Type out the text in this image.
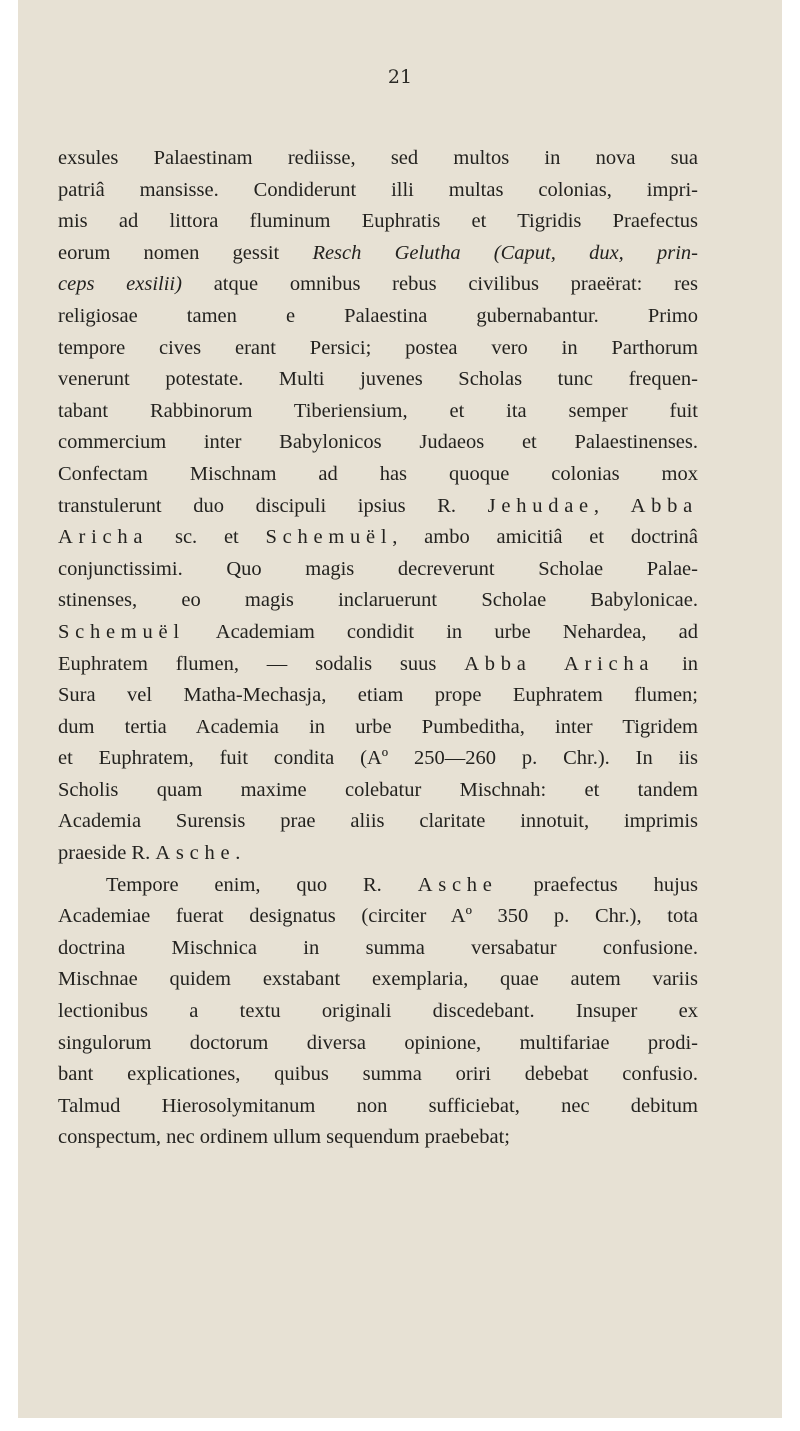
21
exsules Palaestinam rediisse, sed multos in nova sua
patriâ mansisse. Condiderunt illi multas colonias, impri-
mis ad littora fluminum Euphratis et Tigridis Praefectus
eorum nomen gessit Resch Gelutha (Caput, dux, prin-
ceps exsilii) atque omnibus rebus civilibus praeërat: res
religiosae tamen e Palaestina gubernabantur. Primo
tempore cives erant Persici; postea vero in Parthorum
venerunt potestate. Multi juvenes Scholas tunc frequen-
tabant Rabbinorum Tiberiensium, et ita semper fuit
commercium inter Babylonicos Judaeos et Palaestinenses.
Confectam Mischnam ad has quoque colonias mox
transtulerunt duo discipuli ipsius R. Jehudae, Abba
Aricha sc. et Schemuël, ambo amicitiâ et doctrinâ
conjunctissimi. Quo magis decreverunt Scholae Palae-
stinenses, eo magis inclaruerunt Scholae Babylonicae.
Schemuël Academiam condidit in urbe Nehardea, ad
Euphratem flumen, — sodalis suus Abba Aricha in
Sura vel Matha-Mechasja, etiam prope Euphratem flumen;
dum tertia Academia in urbe Pumbeditha, inter Tigridem
et Euphratem, fuit condita (Aº 250—260 p. Chr.). In iis
Scholis quam maxime colebatur Mischnah: et tandem
Academia Surensis prae aliis claritate innotuit, imprimis
praeside R. Asche.
Tempore enim, quo R. Asche praefectus hujus
Academiae fuerat designatus (circiter Aº 350 p. Chr.), tota
doctrina Mischnica in summa versabatur confusione.
Mischnae quidem exstabant exemplaria, quae autem variis
lectionibus a textu originali discedebant. Insuper ex
singulorum doctorum diversa opinione, multifariae prodi-
bant explicationes, quibus summa oriri debebat confusio.
Talmud Hierosolymitanum non sufficiebat, nec debitum
conspectum, nec ordinem ullum sequendum praebebat;
